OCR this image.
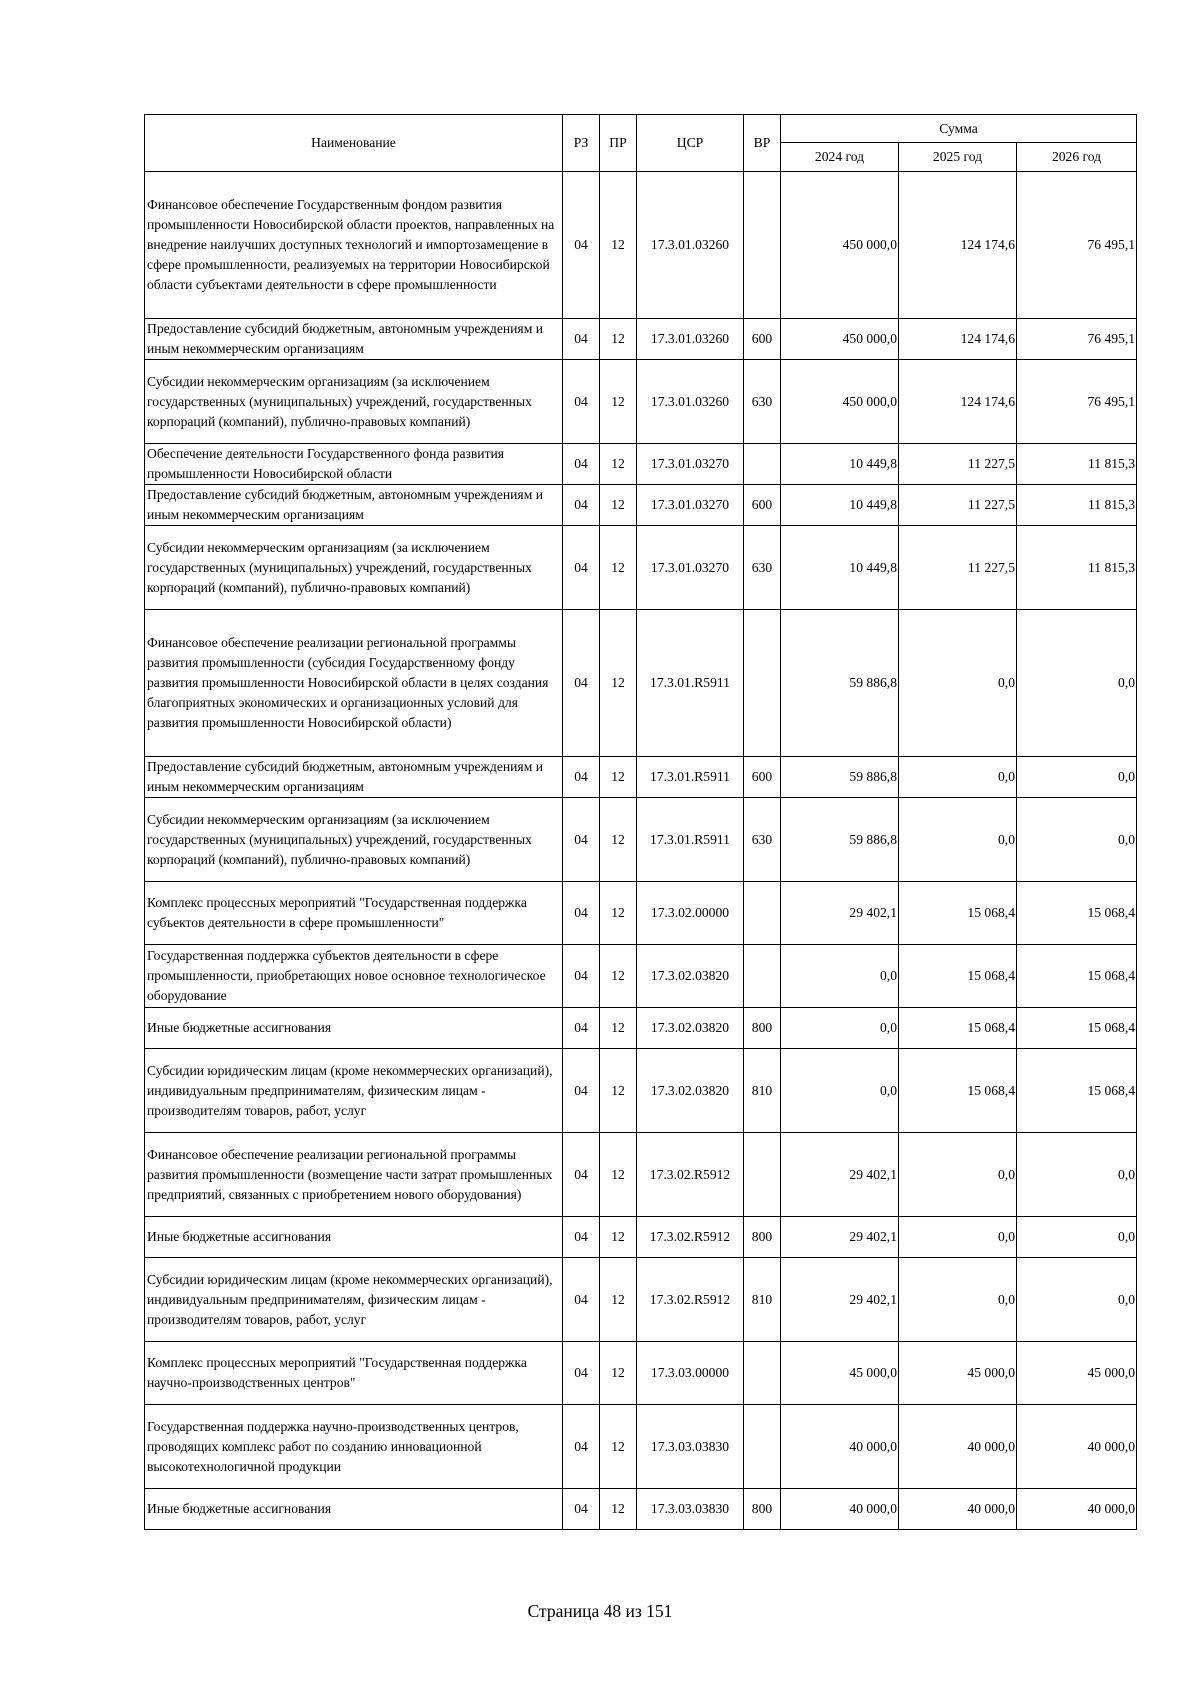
Наименование	РЗ	ПР	ЦСР	ВР	Сумма		
					2024 год	2025 год	2026 год
Финансовое обеспечение Государственным фондом развития промышленности Новосибирской области проектов, направленных на внедрение наилучших доступных технологий и импортозамещение в сфере промышленности, реализуемых на территории Новосибирской области субъектами деятельности в сфере промышленности	04	12	17.3.01.03260		450 000,0	124 174,6	76 495,1
Предоставление субсидий бюджетным, автономным учреждениям и иным некоммерческим организациям	04	12	17.3.01.03260	600	450 000,0	124 174,6	76 495,1
Субсидии некоммерческим организациям (за исключением государственных (муниципальных) учреждений, государственных корпораций (компаний), публично-правовых компаний)	04	12	17.3.01.03260	630	450 000,0	124 174,6	76 495,1
Обеспечение деятельности Государственного фонда развития промышленности Новосибирской области	04	12	17.3.01.03270		10 449,8	11 227,5	11 815,3
Предоставление субсидий бюджетным, автономным учреждениям и иным некоммерческим организациям	04	12	17.3.01.03270	600	10 449,8	11 227,5	11 815,3
Субсидии некоммерческим организациям (за исключением государственных (муниципальных) учреждений, государственных корпораций (компаний), публично-правовых компаний)	04	12	17.3.01.03270	630	10 449,8	11 227,5	11 815,3
Финансовое обеспечение реализации региональной программы развития промышленности (субсидия Государственному фонду развития промышленности Новосибирской области в целях создания благоприятных экономических и организационных условий для развития промышленности Новосибирской области)	04	12	17.3.01.R5911		59 886,8	0,0	0,0
Предоставление субсидий бюджетным, автономным учреждениям и иным некоммерческим организациям	04	12	17.3.01.R5911	600	59 886,8	0,0	0,0
Субсидии некоммерческим организациям (за исключением государственных (муниципальных) учреждений, государственных корпораций (компаний), публично-правовых компаний)	04	12	17.3.01.R5911	630	59 886,8	0,0	0,0
Комплекс процессных мероприятий "Государственная поддержка субъектов деятельности в сфере промышленности"	04	12	17.3.02.00000		29 402,1	15 068,4	15 068,4
Государственная поддержка субъектов деятельности в сфере промышленности, приобретающих новое основное технологическое оборудование	04	12	17.3.02.03820		0,0	15 068,4	15 068,4
Иные бюджетные ассигнования	04	12	17.3.02.03820	800	0,0	15 068,4	15 068,4
Субсидии юридическим лицам (кроме некоммерческих организаций), индивидуальным предпринимателям, физическим лицам - производителям товаров, работ, услуг	04	12	17.3.02.03820	810	0,0	15 068,4	15 068,4
Финансовое обеспечение реализации региональной программы развития промышленности (возмещение части затрат промышленных предприятий, связанных с приобретением нового оборудования)	04	12	17.3.02.R5912		29 402,1	0,0	0,0
Иные бюджетные ассигнования	04	12	17.3.02.R5912	800	29 402,1	0,0	0,0
Субсидии юридическим лицам (кроме некоммерческих организаций), индивидуальным предпринимателям, физическим лицам - производителям товаров, работ, услуг	04	12	17.3.02.R5912	810	29 402,1	0,0	0,0
Комплекс процессных мероприятий "Государственная поддержка научно-производственных центров"	04	12	17.3.03.00000		45 000,0	45 000,0	45 000,0
Государственная поддержка научно-производственных центров, проводящих комплекс работ по созданию инновационной высокотехнологичной продукции	04	12	17.3.03.03830		40 000,0	40 000,0	40 000,0
Иные бюджетные ассигнования	04	12	17.3.03.03830	800	40 000,0	40 000,0	40 000,0
Страница 48 из 151
